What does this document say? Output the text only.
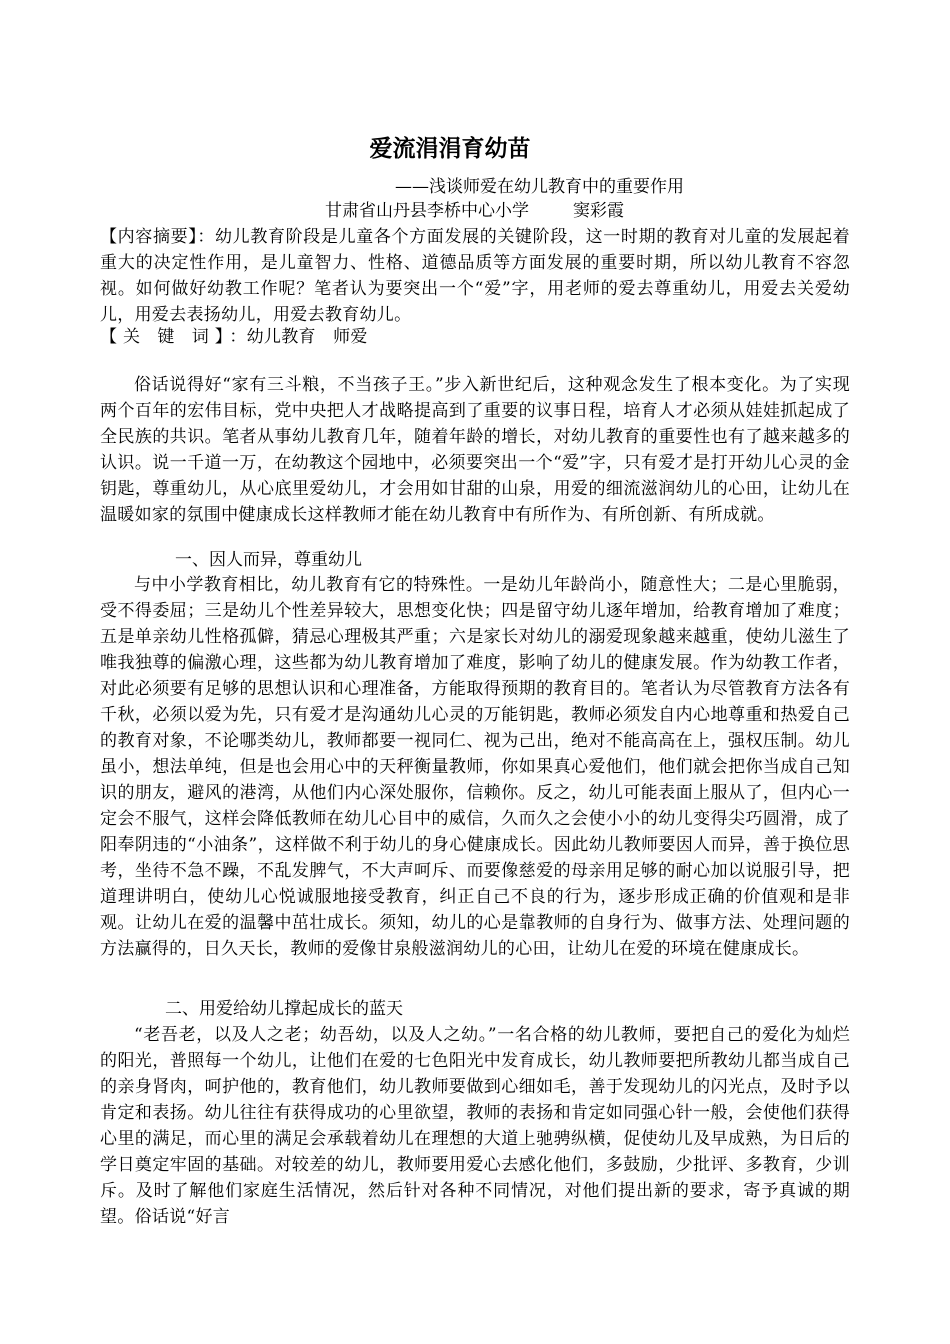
爱流涓涓育幼苗
——浅谈师爱在幼儿教育中的重要作用
甘肃省山丹县李桥中心小学	窦彩霞
【内容摘要】：幼儿教育阶段是儿童各个方面发展的关键阶段，这一时期的教育对儿童的发展起着重大的决定性作用，是儿童智力、性格、道德品质等方面发展的重要时期，所以幼儿教育不容忽视。如何做好幼教工作呢？笔者认为要突出一个“爱”字，用老师的爱去尊重幼儿，用爱去关爱幼儿，用爱去表扬幼儿，用爱去教育幼儿。
【关 键 词】：幼儿教育　师爱
俗话说得好“家有三斗粮，不当孩子王。”步入新世纪后，这种观念发生了根本变化。为了实现两个百年的宏伟目标，党中央把人才战略提高到了重要的议事日程，培育人才必须从娃娃抓起成了全民族的共识。笔者从事幼儿教育几年，随着年龄的增长，对幼儿教育的重要性也有了越来越多的认识。说一千道一万，在幼教这个园地中，必须要突出一个“爱”字，只有爱才是打开幼儿心灵的金钥匙，尊重幼儿，从心底里爱幼儿，才会用如甘甜的山泉，用爱的细流滋润幼儿的心田，让幼儿在温暖如家的氛围中健康成长这样教师才能在幼儿教育中有所作为、有所创新、有所成就。
一、因人而异，尊重幼儿
与中小学教育相比，幼儿教育有它的特殊性。一是幼儿年龄尚小，随意性大；二是心里脆弱，受不得委屈；三是幼儿个性差异较大，思想变化快；四是留守幼儿逐年增加，给教育增加了难度；五是单亲幼儿性格孤僻，猜忌心理极其严重；六是家长对幼儿的溺爱现象越来越重，使幼儿滋生了唯我独尊的偏激心理，这些都为幼儿教育增加了难度，影响了幼儿的健康发展。作为幼教工作者，对此必须要有足够的思想认识和心理准备，方能取得预期的教育目的。笔者认为尽管教育方法各有千秋，必须以爱为先，只有爱才是沟通幼儿心灵的万能钥匙，教师必须发自内心地尊重和热爱自己的教育对象，不论哪类幼儿，教师都要一视同仁、视为己出，绝对不能高高在上，强权压制。幼儿虽小，想法单纯，但是也会用心中的天秤衡量教师，你如果真心爱他们，他们就会把你当成自己知识的朋友，避风的港湾，从他们内心深处服你，信赖你。反之，幼儿可能表面上服从了，但内心一定会不服气，这样会降低教师在幼儿心目中的威信，久而久之会使小小的幼儿变得尖巧圆滑，成了阳奉阴违的“小油条”，这样做不利于幼儿的身心健康成长。因此幼儿教师要因人而异，善于换位思考，坐待不急不躁，不乱发脾气，不大声呵斥、而要像慈爱的母亲用足够的耐心加以说服引导，把道理讲明白，使幼儿心悦诚服地接受教育，纠正自己不良的行为，逐步形成正确的价值观和是非观。让幼儿在爱的温馨中茁壮成长。须知，幼儿的心是靠教师的自身行为、做事方法、处理问题的方法赢得的，日久天长，教师的爱像甘泉般滋润幼儿的心田，让幼儿在爱的环境在健康成长。
二、用爱给幼儿撑起成长的蓝天
“老吾老，以及人之老；幼吾幼，以及人之幼。”一名合格的幼儿教师，要把自己的爱化为灿烂的阳光，普照每一个幼儿，让他们在爱的七色阳光中发育成长，幼儿教师要把所教幼儿都当成自己的亲身肾肉，呵护他的，教育他们，幼儿教师要做到心细如毛，善于发现幼儿的闪光点，及时予以肯定和表扬。幼儿往往有获得成功的心里欲望，教师的表扬和肯定如同强心针一般，会使他们获得心里的满足，而心里的满足会承载着幼儿在理想的大道上驰骋纵横，促使幼儿及早成熟，为日后的学日奠定牢固的基础。对较差的幼儿，教师要用爱心去感化他们，多鼓励，少批评、多教育，少训斥。及时了解他们家庭生活情况，然后针对各种不同情况，对他们提出新的要求，寄予真诚的期望。俗话说“好言
